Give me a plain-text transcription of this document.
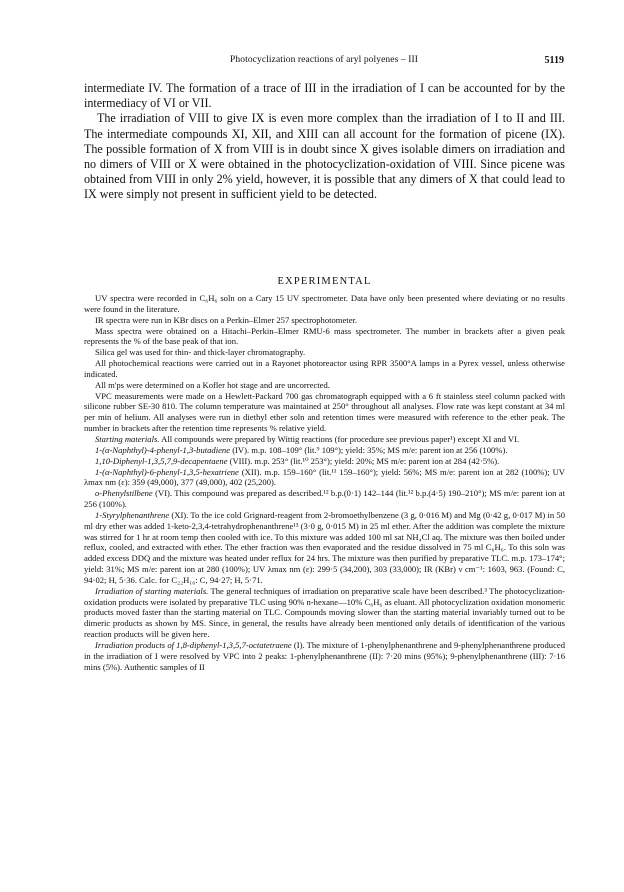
Photocyclization reactions of aryl polyenes – III	5119

intermediate IV. The formation of a trace of III in the irradiation of I can be accounted for by the intermediacy of VI or VII.

The irradiation of VIII to give IX is even more complex than the irradiation of I to II and III. The intermediate compounds XI, XII, and XIII can all account for the formation of picene (IX). The possible formation of X from VIII is in doubt since X gives isolable dimers on irradiation and no dimers of VIII or X were obtained in the photocyclization-oxidation of VIII. Since picene was obtained from VIII in only 2% yield, however, it is possible that any dimers of X that could lead to IX were simply not present in sufficient yield to be detected.

EXPERIMENTAL

UV spectra were recorded in C₆H₆ soln on a Cary 15 UV spectrometer. Data have only been presented where deviating or no results were found in the literature.

IR spectra were run in KBr discs on a Perkin–Elmer 257 spectrophotometer.

Mass spectra were obtained on a Hitachi–Perkin–Elmer RMU-6 mass spectrometer. The number in brackets after a given peak represents the % of the base peak of that ion.

Silica gel was used for thin- and thick-layer chromatography.

All photochemical reactions were carried out in a Rayonet photoreactor using RPR 3500°A lamps in a Pyrex vessel, unless otherwise indicated.

All m'ps were determined on a Kofler hot stage and are uncorrected.

VPC measurements were made on a Hewlett-Packard 700 gas chromatograph equipped with a 6 ft stainless steel column packed with silicone rubber SE-30 810. The column temperature was maintained at 250° throughout all analyses. Flow rate was kept constant at 34 ml per min of helium. All analyses were run in diethyl ether soln and retention times were measured with reference to the ether peak. The number in brackets after the retention time represents % relative yield.

Starting materials. All compounds were prepared by Wittig reactions (for procedure see previous paper¹) except XI and VI.

1-(α-Naphthyl)-4-phenyl-1,3-butadiene (IV). m.p. 108–109° (lit.⁹ 109°); yield: 35%; MS m/e: parent ion at 256 (100%).

1,10-Diphenyl-1,3,5,7,9-decapentaene (VIII). m.p. 253° (lit.¹⁰ 253°); yield: 20%; MS m/e: parent ion at 284 (42·5%).

1-(α-Naphthyl)-6-phenyl-1,3,5-hexatriene (XII). m.p. 159–160° (lit.¹¹ 159–160°); yield: 56%; MS m/e: parent ion at 282 (100%); UV λmax nm (ε): 359 (49,000), 377 (49,000), 402 (25,200).

o-Phenylstilbene (VI). This compound was prepared as described.¹² b.p.(0·1) 142–144 (lit.¹² b.p.(4·5) 190–210°); MS m/e: parent ion at 256 (100%).

1-Styrylphenanthrene (XI). To the ice cold Grignard-reagent from 2-bromoethylbenzene (3 g, 0·016 M) and Mg (0·42 g, 0·017 M) in 50 ml dry ether was added 1-keto-2,3,4-tetrahydrophenanthrene¹³ (3·0 g, 0·015 M) in 25 ml ether. After the addition was complete the mixture was stirred for 1 hr at room temp then cooled with ice. To this mixture was added 100 ml sat NH₄Cl aq. The mixture was then boiled under reflux, cooled, and extracted with ether. The ether fraction was then evaporated and the residue dissolved in 75 ml C₆H₆. To this soln was added excess DDQ and the mixture was heated under reflux for 24 hrs. The mixture was then purified by preparative TLC. m.p. 173–174°; yield: 31%; MS m/e: parent ion at 280 (100%); UV λmax nm (ε): 299·5 (34,200), 303 (33,000); IR (KBr) ν cm⁻¹: 1603, 963. (Found: C, 94·02; H, 5·36. Calc. for C₂₂H₁₆: C, 94·27; H, 5·71.

Irradiation of starting materials. The general techniques of irradiation on preparative scale have been described.³ The photocyclization-oxidation products were isolated by preparative TLC using 90% n-hexane—10% C₆H₆ as eluant. All photocyclization oxidation monomeric products moved faster than the starting material on TLC. Compounds moving slower than the starting material invariably turned out to be dimeric products as shown by MS. Since, in general, the results have already been mentioned only details of identification of the various reaction products will be given here.

Irradiation products of 1,8-diphenyl-1,3,5,7-octatetraene (I). The mixture of 1-phenylphenanthrene and 9-phenylphenanthrene produced in the irradiation of I were resolved by VPC into 2 peaks: 1-phenylphenanthrene (II): 7·20 mins (95%); 9-phenylphenanthrene (III): 7·16 mins (5%). Authentic samples of II
